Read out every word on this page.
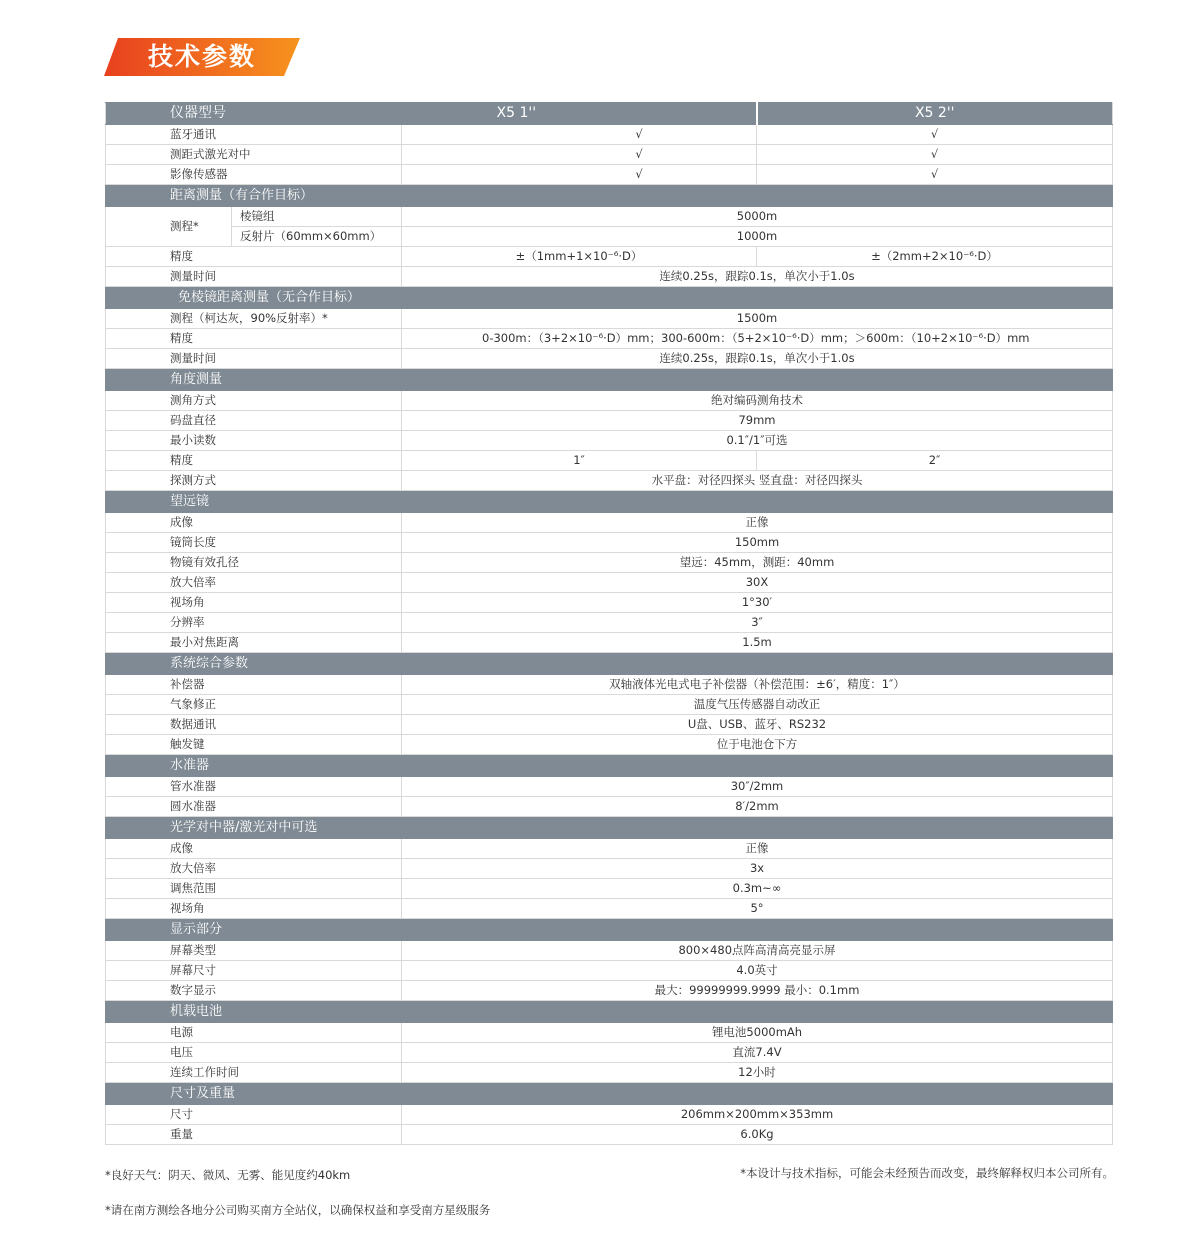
技术参数
仪器型号 X5 1''			X5 2''
蓝牙通讯		√	√
测距式激光对中		√	√
影像传感器		√	√
距离测量（有合作目标）			
测程*	棱镜组	5000m	
	反射片（60mm×60mm）	1000m	
精度		±（1mm+1×10⁻⁶·D）	±（2mm+2×10⁻⁶·D）
测量时间		连续0.25s，跟踪0.1s，单次小于1.0s	
免棱镜距离测量（无合作目标）			
测程（柯达灰，90%反射率）*		1500m	
精度		0-300m：（3+2×10⁻⁶·D）mm；300-600m：（5+2×10⁻⁶·D）mm；＞600m：（10+2×10⁻⁶·D）mm	
测量时间		连续0.25s，跟踪0.1s，单次小于1.0s	
角度测量			
测角方式		绝对编码测角技术	
码盘直径		79mm	
最小读数		0.1″/1″可选	
精度		1″	2″
探测方式		水平盘：对径四探头 竖直盘：对径四探头	
望远镜			
成像		正像	
镜筒长度		150mm	
物镜有效孔径		望远：45mm，测距：40mm	
放大倍率		30X	
视场角		1°30′	
分辨率		3″	
最小对焦距离		1.5m	
系统综合参数			
补偿器		双轴液体光电式电子补偿器（补偿范围：±6′，精度：1″）	
气象修正		温度气压传感器自动改正	
数据通讯		U盘、USB、蓝牙、RS232	
触发键		位于电池仓下方	
水准器			
管水准器		30″/2mm	
圆水准器		8′/2mm	
光学对中器/激光对中可选			
成像		正像	
放大倍率		3x	
调焦范围		0.3m~∞	
视场角		5°	
显示部分			
屏幕类型		800×480点阵高清高亮显示屏	
屏幕尺寸		4.0英寸	
数字显示		最大：99999999.9999 最小：0.1mm	
机载电池			
电源		锂电池5000mAh	
电压		直流7.4V	
连续工作时间		12小时	
尺寸及重量			
尺寸		206mm×200mm×353mm	
重量		6.0Kg	
*良好天气：阴天、微风、无雾、能见度约40km	*本设计与技术指标，可能会未经预告而改变，最终解释权归本公司所有。
*请在南方测绘各地分公司购买南方全站仪，以确保权益和享受南方星级服务
